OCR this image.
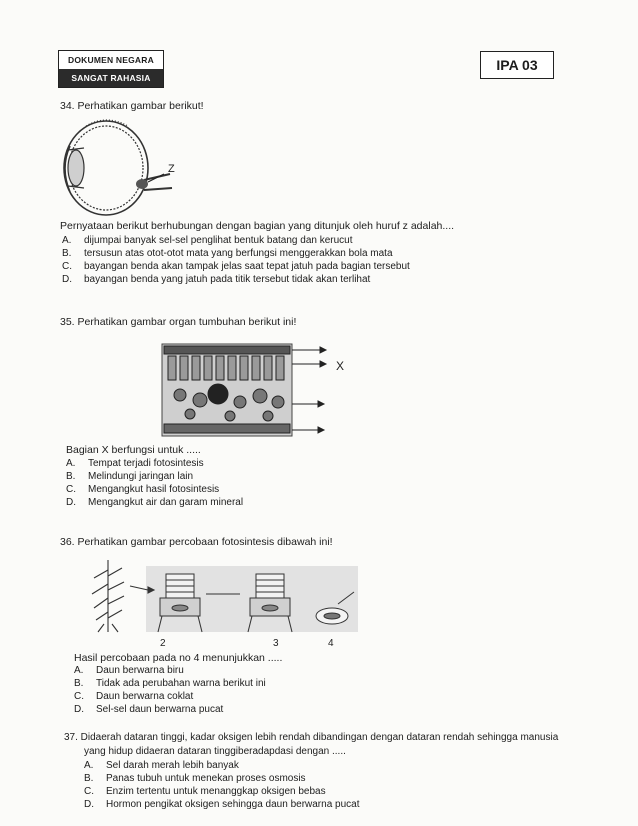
DOKUMEN NEGARA
SANGAT RAHASIA
IPA 03
34. Perhatikan gambar berikut!
Z
Pernyataan berikut berhubungan dengan bagian yang ditunjuk oleh huruf z adalah....
A. dijumpai banyak sel-sel penglihat bentuk batang dan kerucut
B. tersusun atas otot-otot mata yang berfungsi menggerakkan bola mata
C. bayangan benda akan tampak jelas saat tepat jatuh pada bagian tersebut
D. bayangan benda yang jatuh pada titik tersebut tidak akan terlihat
35. Perhatikan gambar organ tumbuhan berikut ini!
X
Bagian X berfungsi untuk .....
A. Tempat terjadi fotosintesis
B. Melindungi jaringan lain
C. Mengangkut hasil fotosintesis
D. Mengangkut air dan garam mineral
36. Perhatikan gambar percobaan fotosintesis dibawah ini!
2	3	4
Hasil percobaan pada no 4 menunjukkan .....
A. Daun berwarna biru
B. Tidak ada perubahan warna berikut ini
C. Daun berwarna coklat
D. Sel-sel daun berwarna pucat
37. Didaerah dataran tinggi, kadar oksigen lebih rendah dibandingan dengan dataran rendah sehingga manusia
yang hidup didaeran dataran tinggiberadapdasi dengan .....
A. Sel darah merah lebih banyak
B. Panas tubuh untuk menekan proses osmosis
C. Enzim tertentu untuk menanggkap oksigen bebas
D. Hormon pengikat oksigen sehingga daun berwarna pucat
